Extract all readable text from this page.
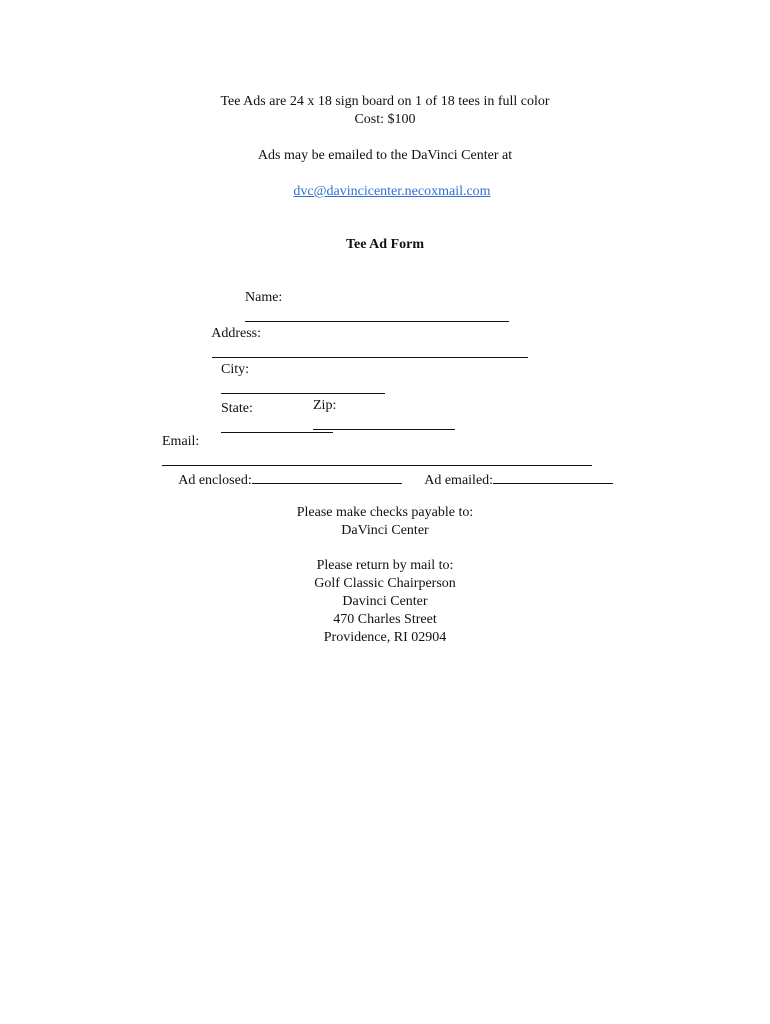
Tee Ads are 24 x 18 sign board on 1 of 18 tees in full color
Cost: $100
Ads may be emailed to the DaVinci Center at

dvc@davincicenter.necoxmail.com

Tee Ad Form

Name:

Address:

City:

State:

	Zip:

Email:

Ad enclosed:
	Ad emailed:

Please make checks payable to:
DaVinci Center
Please return by mail to:
Golf Classic Chairperson
Davinci Center
470 Charles Street
Providence, RI 02904
